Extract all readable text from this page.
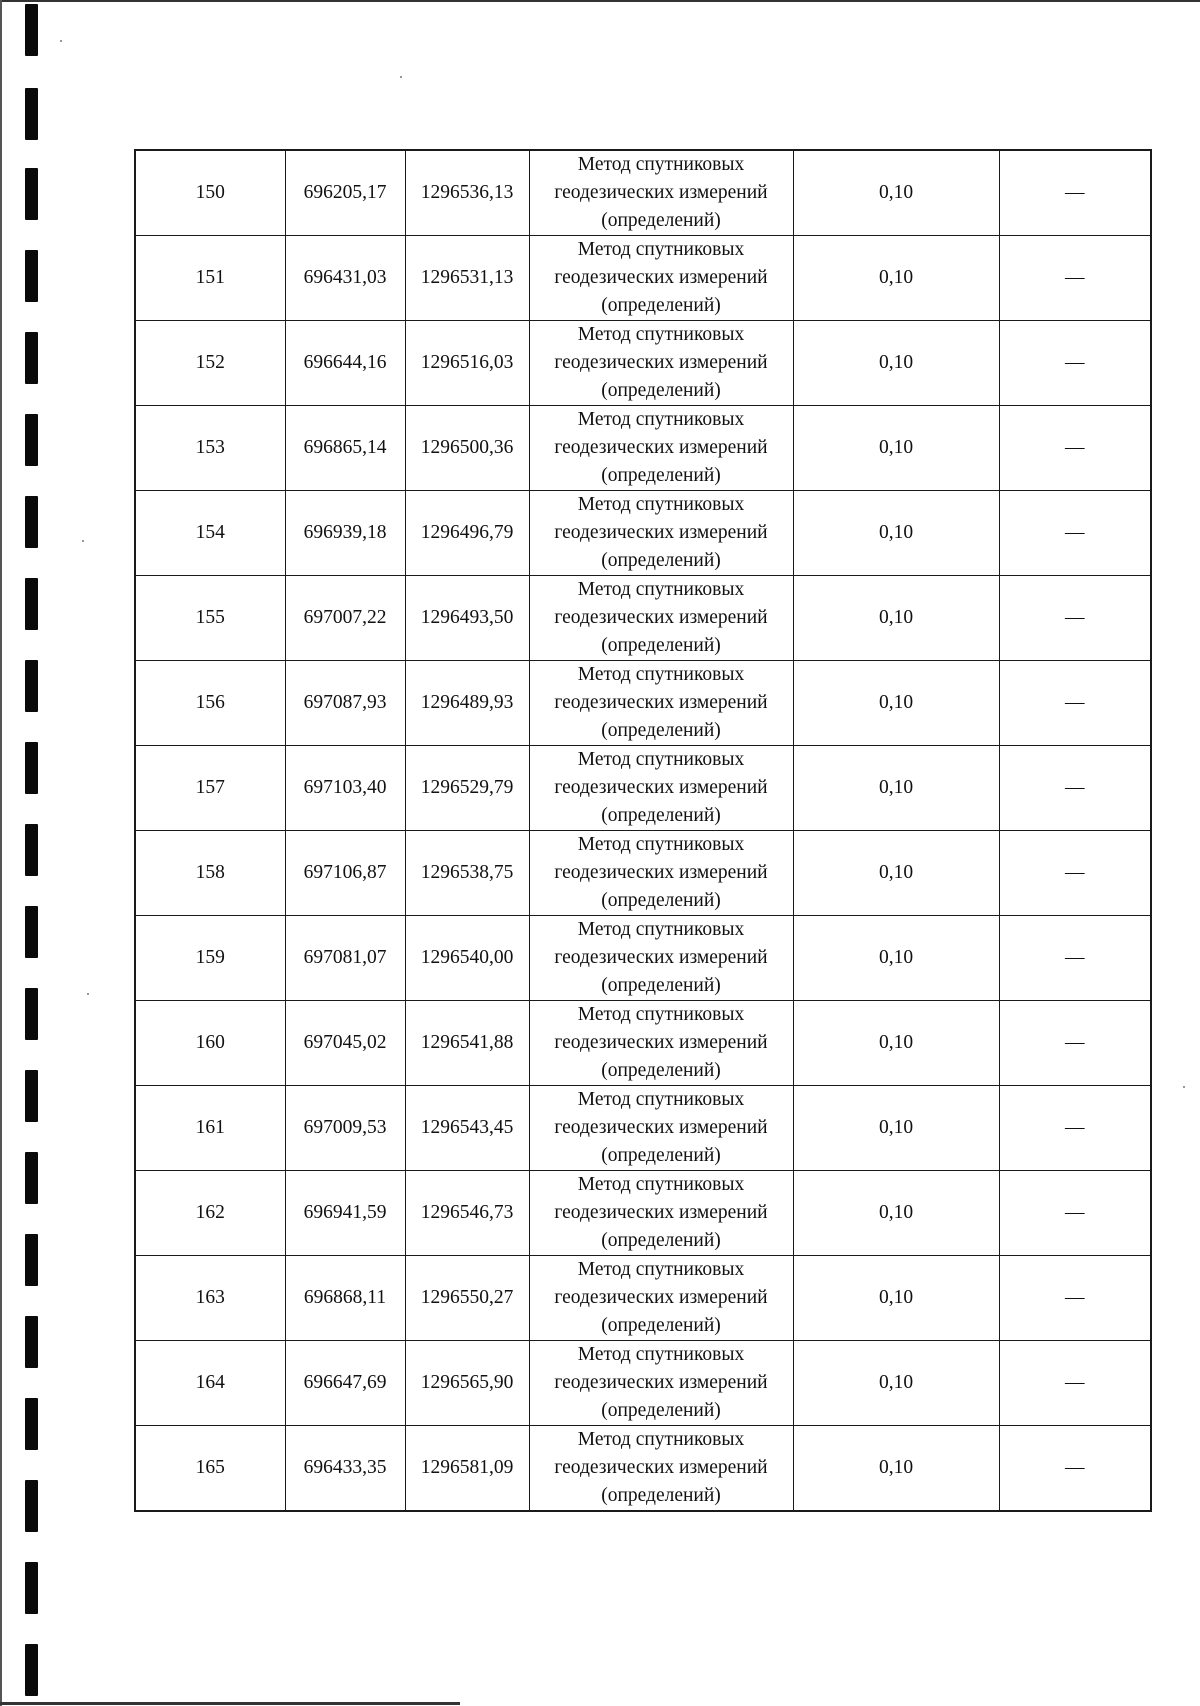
150	696205,17	1296536,13	Метод спутниковых
геодезических измерений
(определений)	0,10	—
151	696431,03	1296531,13	Метод спутниковых
геодезических измерений
(определений)	0,10	—
152	696644,16	1296516,03	Метод спутниковых
геодезических измерений
(определений)	0,10	—
153	696865,14	1296500,36	Метод спутниковых
геодезических измерений
(определений)	0,10	—
154	696939,18	1296496,79	Метод спутниковых
геодезических измерений
(определений)	0,10	—
155	697007,22	1296493,50	Метод спутниковых
геодезических измерений
(определений)	0,10	—
156	697087,93	1296489,93	Метод спутниковых
геодезических измерений
(определений)	0,10	—
157	697103,40	1296529,79	Метод спутниковых
геодезических измерений
(определений)	0,10	—
158	697106,87	1296538,75	Метод спутниковых
геодезических измерений
(определений)	0,10	—
159	697081,07	1296540,00	Метод спутниковых
геодезических измерений
(определений)	0,10	—
160	697045,02	1296541,88	Метод спутниковых
геодезических измерений
(определений)	0,10	—
161	697009,53	1296543,45	Метод спутниковых
геодезических измерений
(определений)	0,10	—
162	696941,59	1296546,73	Метод спутниковых
геодезических измерений
(определений)	0,10	—
163	696868,11	1296550,27	Метод спутниковых
геодезических измерений
(определений)	0,10	—
164	696647,69	1296565,90	Метод спутниковых
геодезических измерений
(определений)	0,10	—
165	696433,35	1296581,09	Метод спутниковых
геодезических измерений
(определений)	0,10	—
